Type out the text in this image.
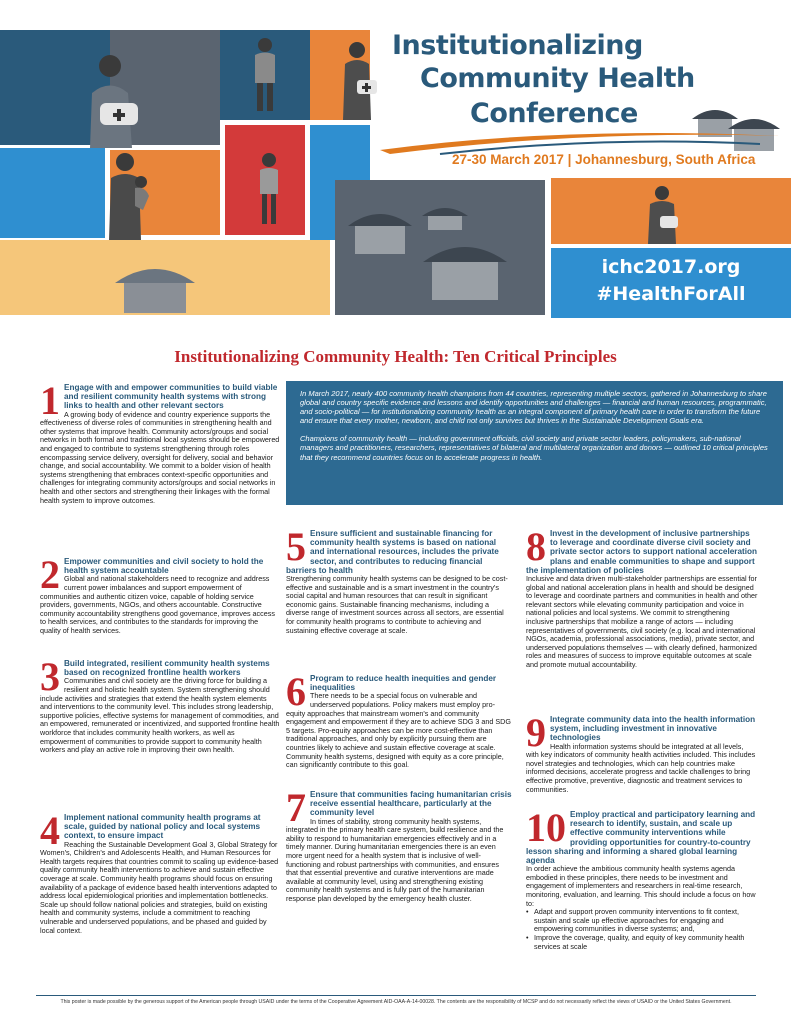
Institutionalizing
Community Health
Conference
27-30 March 2017 | Johannesburg, South Africa
ichc2017.org
#HealthForAll
Institutionalizing Community Health: Ten Critical Principles

In March 2017, nearly 400 community health champions from 44 countries, representing multiple sectors, gathered in Johannesburg to share global and country specific evidence and lessons and identify opportunities and challenges — financial and human resources, programmatic, and socio-political — for institutionalizing community health as an integral component of primary health care in order to transform the future and ensure that every mother, newborn, and child not only survives but thrives in the Sustainable Development Goals era.

Champions of community health — including government officials, civil society and private sector leaders, policymakers, sub-national managers and practitioners, researchers, representatives of bilateral and multilateral organization and donors — outlined 10 critical principles that they recommend countries focus on to accelerate progress in health.

1 Engage with and empower communities to build viable and resilient community health systems with strong links to health and other relevant sectors
A growing body of evidence and country experience supports the effectiveness of diverse roles of communities in strengthening health and other systems that improve health. Community actors/groups and social networks in both formal and traditional local systems should be empowered and engaged to contribute to systems strengthening through roles encompassing service delivery, oversight for delivery, social and behavior change, and social accountability. We commit to a bolder vision of health systems strengthening that embraces context-specific opportunities and challenges for integrating community actors/groups and social networks in health and other sectors and strengthening their linkages with the formal health system to improve outcomes.
2 Empower communities and civil society to hold the health system accountable
Global and national stakeholders need to recognize and address current power imbalances and support empowerment of communities and authentic citizen voice, capable of holding service providers, governments, NGOs, and others accountable. Constructive community accountability strengthens good governance, improves access to health services, and contributes to the standards for improving the quality of health services.
3 Build integrated, resilient community health systems based on recognized frontline health workers
Communities and civil society are the driving force for building a resilient and holistic health system. System strengthening should include activities and strategies that extend the health system elements and interventions to the community level. This includes strong leadership, supportive policies, effective systems for management of commodities, and an empowered, remunerated or incentivized, and supported frontline health workforce that includes community health workers, as well as empowerment of communities to provide support to community health workers and play an active role in improving their own health.
4 Implement national community health programs at scale, guided by national policy and local systems context, to ensure impact
Reaching the Sustainable Development Goal 3, Global Strategy for Women's, Children's and Adolescents Health, and Human Resources for Health targets requires that countries commit to scaling up evidence-based quality community health interventions to achieve and sustain effective coverage at scale. Community health programs should focus on ensuring availability of a package of evidence based health interventions adapted to address local epidemiological priorities and implementation bottlenecks. Scale up should follow national policies and strategies, build on existing health and community systems, include a commitment to reaching vulnerable and underserved populations, and be phased and guided by local context.
5 Ensure sufficient and sustainable financing for community health systems is based on national and international resources, includes the private sector, and contributes to reducing financial barriers to health
Strengthening community health systems can be designed to be cost-effective and sustainable and is a smart investment in the country's social capital and human resources that can result in significant economic gains. Sustainable financing mechanisms, including a diverse range of investment sources across all sectors, are essential for community health programs to contribute to achieving and sustaining effective coverage at scale.
6 Program to reduce health inequities and gender inequalities
There needs to be a special focus on vulnerable and underserved populations. Policy makers must employ pro-equity approaches that mainstream women's and community engagement and empowerment if they are to achieve SDG 3 and SDG 5 targets. Pro-equity approaches can be more cost-effective than traditional approaches, and only by explicitly pursuing them are countries likely to achieve and sustain effective coverage at scale. Community health systems, designed with equity as a core principle, can significantly contribute to this goal.
7 Ensure that communities facing humanitarian crisis receive essential healthcare, particularly at the community level
In times of stability, strong community health systems, integrated in the primary health care system, build resilience and the ability to respond to humanitarian emergencies effectively and in a timely manner. During humanitarian emergencies there is an even more urgent need for a health system that is inclusive of well-functioning and robust partnerships with communities, and ensures that that essential preventive and curative interventions are made available at community level, using and strengthening existing community health systems and is fully part of the humanitarian response plan developed by the emergency health cluster.
8 Invest in the development of inclusive partnerships to leverage and coordinate diverse civil society and private sector actors to support national acceleration plans and enable communities to shape and support the implementation of policies
Inclusive and data driven multi-stakeholder partnerships are essential for global and national acceleration plans in health and should be designed to leverage and coordinate partners and communities in health and other relevant sectors while elevating community participation and voice in national policies and local systems. We commit to strengthening inclusive partnerships that mobilize a range of actors — including representatives of governments, civil society (e.g. local and international NGOs, academia, professional associations, media), private sector, and underserved populations themselves — with clearly defined, harmonized roles and measures of success to improve equitable outcomes at scale and promote mutual accountability.
9 Integrate community data into the health information system, including investment in innovative technologies
Health information systems should be integrated at all levels, with key indicators of community health activities included. This includes novel strategies and technologies, which can help countries make informed decisions, accelerate progress and tackle challenges to bring effective promotive, preventive, diagnostic and treatment services to communities.
10 Employ practical and participatory learning and research to identify, sustain, and scale up effective community interventions while providing opportunities for country-to-country lesson sharing and informing a shared global learning agenda
In order achieve the ambitious community health systems agenda embodied in these principles, there needs to be investment and engagement of implementers and researchers in real-time research, monitoring, evaluation, and learning. This should include a focus on how to:
• Adapt and support proven community interventions to fit context, sustain and scale up effective approaches for engaging and empowering communities in diverse systems; and,
• Improve the coverage, quality, and equity of key community health services at scale
This poster is made possible by the generous support of the American people through USAID under the terms of the Cooperative Agreement AID-OAA-A-14-00028. The contents are the responsibility of MCSP and do not necessarily reflect the views of USAID or the United States Government.
